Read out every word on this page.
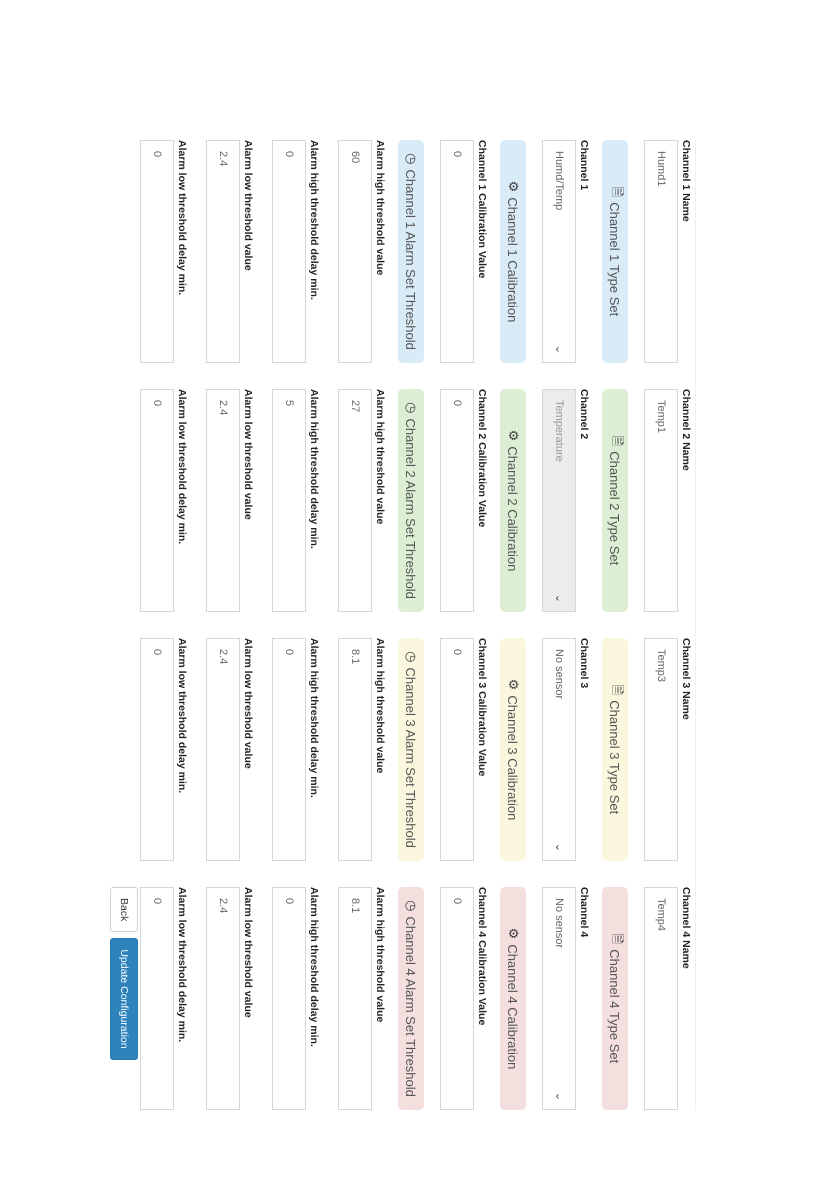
Channel 1 Name
Humd1
🗎
Channel 1 Type Set
Channel 1
Humd/Temp
⌄
⚙
Channel 1 Calibration
Channel 1 Calibration Value
0
◷
Channel 1 Alarm Set Threshold
Alarm high threshold value
60
Alarm high threshold delay min.
0
Alarm low threshold value
2.4
Alarm low threshold delay min.
0
Channel 2 Name
Temp1
🗎
Channel 2 Type Set
Channel 2
Temperature
⌄
⚙
Channel 2 Calibration
Channel 2 Calibration Value
0
◷
Channel 2 Alarm Set Threshold
Alarm high threshold value
27
Alarm high threshold delay min.
5
Alarm low threshold value
2.4
Alarm low threshold delay min.
0
Channel 3 Name
Temp3
🗎
Channel 3 Type Set
Channel 3
No sensor
⌄
⚙
Channel 3 Calibration
Channel 3 Calibration Value
0
◷
Channel 3 Alarm Set Threshold
Alarm high threshold value
8.1
Alarm high threshold delay min.
0
Alarm low threshold value
2.4
Alarm low threshold delay min.
0
Channel 4 Name
Temp4
🗎
Channel 4 Type Set
Channel 4
No sensor
⌄
⚙
Channel 4 Calibration
Channel 4 Calibration Value
0
◷
Channel 4 Alarm Set Threshold
Alarm high threshold value
8.1
Alarm high threshold delay min.
0
Alarm low threshold value
2.4
Alarm low threshold delay min.
0
Back
Update Configuration
